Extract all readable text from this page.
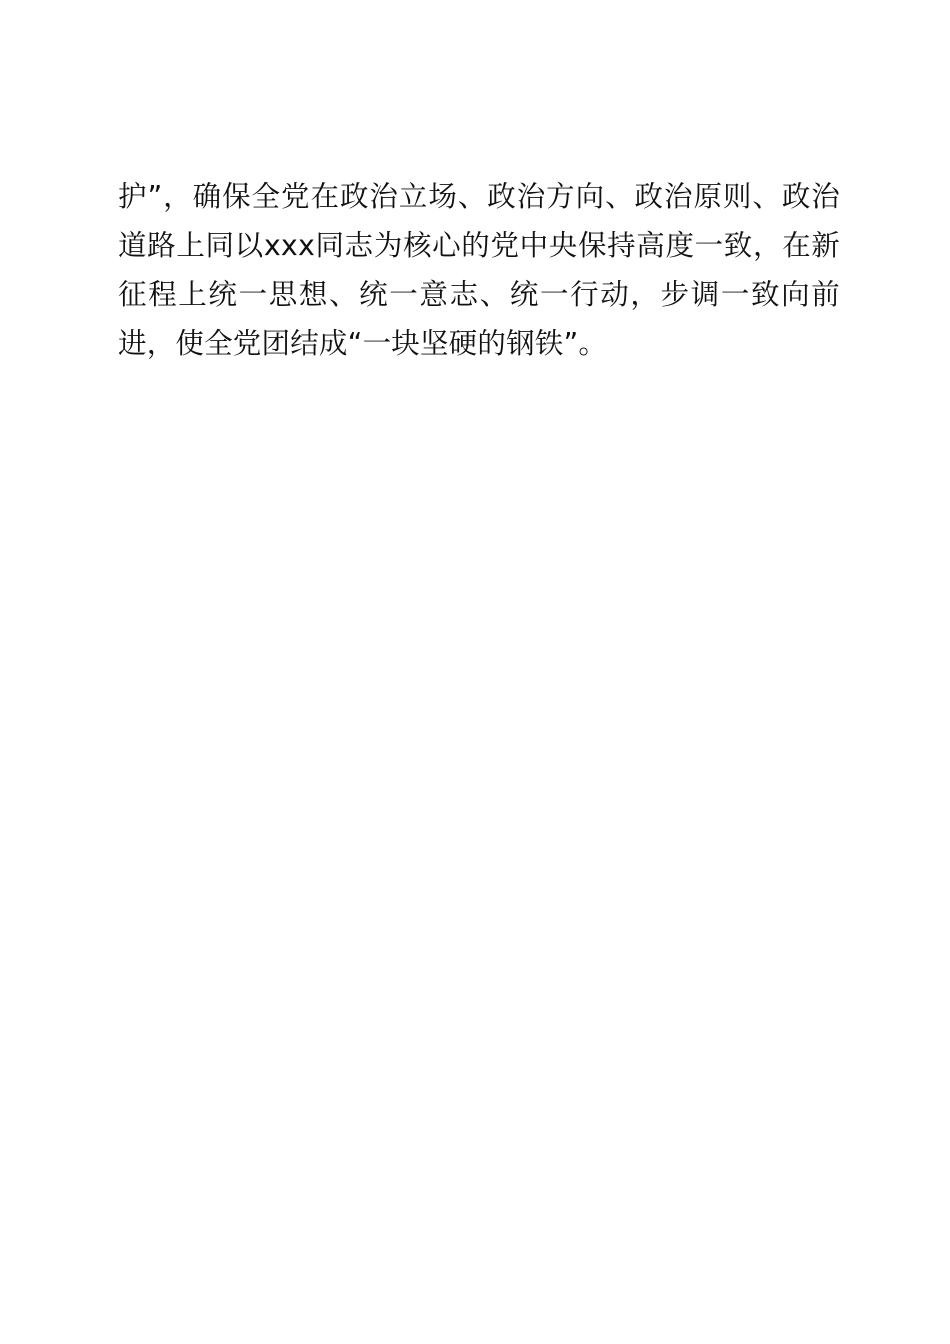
护”，确保全党在政治立场、政治方向、政治原则、政治道路上同以xxx同志为核心的党中央保持高度一致，在新征程上统一思想、统一意志、统一行动，步调一致向前进，使全党团结成“一块坚硬的钢铁”。
